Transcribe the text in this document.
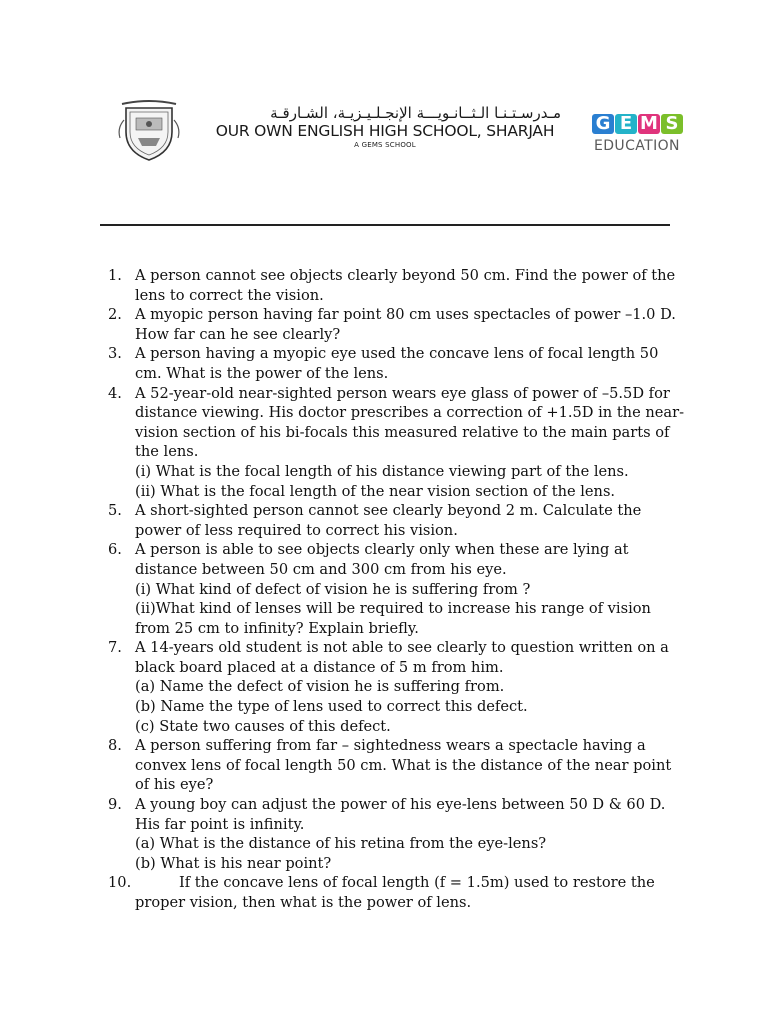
مـدرسـتـنـا الـثــانـويـــة الإنجـلـيـزيـة، الشـارقـة
OUR OWN ENGLISH HIGH SCHOOL, SHARJAH
A GEMS SCHOOL
G E M S
EDUCATION
1. A person cannot see objects clearly beyond 50 cm. Find the power of the
lens to correct the vision.
2. A myopic person having far point 80 cm uses spectacles of power –1.0 D.
How far can he see clearly?
3. A person having a myopic eye used the concave lens of focal length 50
cm. What is the power of the lens.
4. A 52-year-old near-sighted person wears eye glass of power of –5.5D for
distance viewing. His doctor prescribes a correction of +1.5D in the near-
vision section of his bi-focals this measured relative to the main parts of
the lens.
(i) What is the focal length of his distance viewing part of the lens.
(ii) What is the focal length of the near vision section of the lens.
5. A short-sighted person cannot see clearly beyond 2 m. Calculate the
power of less required to correct his vision.
6. A person is able to see objects clearly only when these are lying at
distance between 50 cm and 300 cm from his eye.
(i) What kind of defect of vision he is suffering from ?
(ii)What kind of lenses will be required to increase his range of vision
from 25 cm to infinity? Explain briefly.
7. A 14-years old student is not able to see clearly to question written on a
black board placed at a distance of 5 m from him.
(a) Name the defect of vision he is suffering from.
(b) Name the type of lens used to correct this defect.
(c) State two causes of this defect.
8. A person suffering from far – sightedness wears a spectacle having a
convex lens of focal length 50 cm. What is the distance of the near point
of his eye?
9. A young boy can adjust the power of his eye-lens between 50 D & 60 D.
His far point is infinity.
(a) What is the distance of his retina from the eye-lens?
(b) What is his near point?
10.	If the concave lens of focal length (f = 1.5m) used to restore the
proper vision, then what is the power of lens.
